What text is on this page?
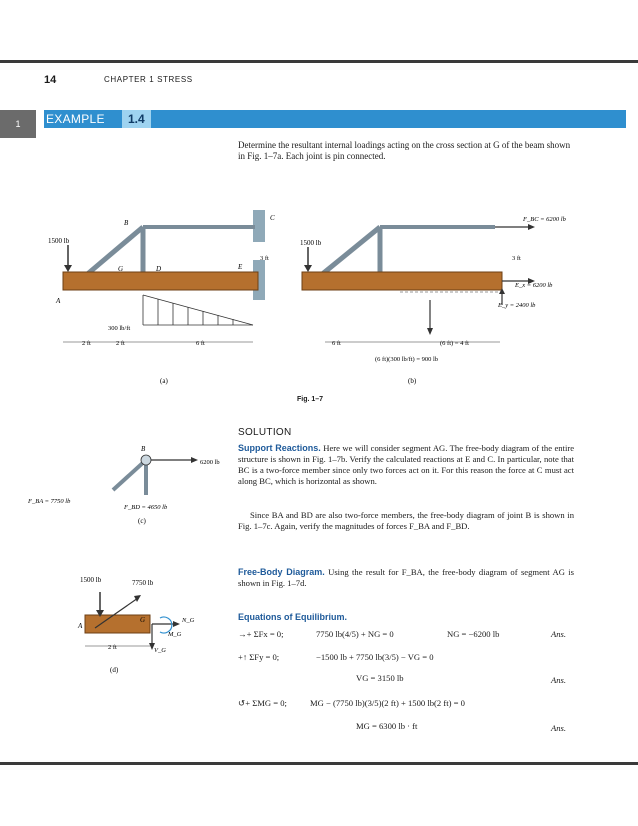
14	CHAPTER 1 STRESS
1	EXAMPLE	1.4
Determine the resultant internal loadings acting on the cross section at G of the beam shown in Fig. 1–7a. Each joint is pin connected.
1500 lb
B
C
G	D	E
A
300 lb/ft
2 ft	2 ft	6 ft
(a)
1500 lb
F_BC = 6200 lb
E_x = 6200 lb
E_y = 2400 lb
3 ft	3 ft
6 ft	(6 ft) = 4 ft
(6 ft)(300 lb/ft) = 900 lb
(b)
Fig. 1–7
B
6200 lb
F_BA = 7750 lb
F_BD = 4650 lb
(c)
1500 lb	7750 lb
A
G	N_G
M_G
V_G
2 ft
(d)
SOLUTION
Support Reactions. Here we will consider segment AG. The free-body diagram of the entire structure is shown in Fig. 1–7b. Verify the calculated reactions at E and C. In particular, note that BC is a two-force member since only two forces act on it. For this reason the force at C must act along BC, which is horizontal as shown.
Since BA and BD are also two-force members, the free-body diagram of joint B is shown in Fig. 1–7c. Again, verify the magnitudes of forces F_BA and F_BD.
Free-Body Diagram. Using the result for F_BA, the free-body diagram of segment AG is shown in Fig. 1–7d.
Equations of Equilibrium.
→+ ΣFx = 0;	7750 lb(4/5) + NG = 0	NG = −6200 lb	Ans.
+↑ ΣFy = 0;	−1500 lb + 7750 lb(3/5) − VG = 0
VG = 3150 lb	Ans.
↺+ ΣMG = 0;	MG − (7750 lb)(3/5)(2 ft) + 1500 lb(2 ft) = 0
MG = 6300 lb · ft	Ans.
